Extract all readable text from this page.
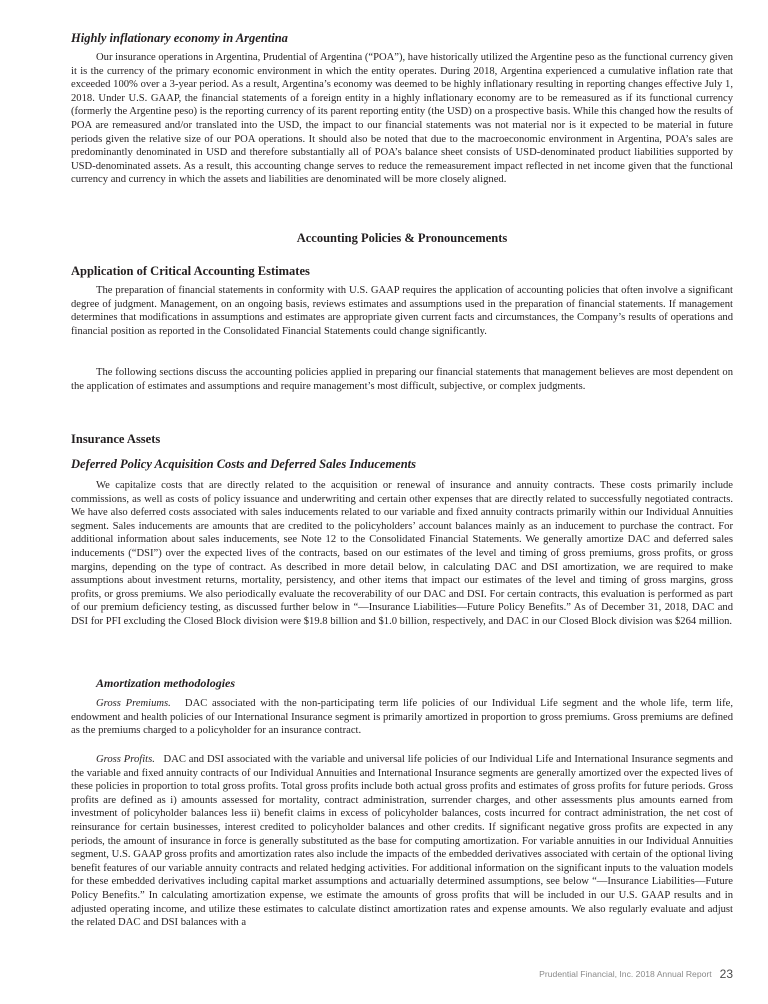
Highly inflationary economy in Argentina

Our insurance operations in Argentina, Prudential of Argentina (“POA”), have historically utilized the Argentine peso as the functional currency given it is the currency of the primary economic environment in which the entity operates. During 2018, Argentina experienced a cumulative inflation rate that exceeded 100% over a 3-year period. As a result, Argentina’s economy was deemed to be highly inflationary resulting in reporting changes effective July 1, 2018. Under U.S. GAAP, the financial statements of a foreign entity in a highly inflationary economy are to be remeasured as if its functional currency (formerly the Argentine peso) is the reporting currency of its parent reporting entity (the USD) on a prospective basis. While this changed how the results of POA are remeasured and/or translated into the USD, the impact to our financial statements was not material nor is it expected to be material in future periods given the relative size of our POA operations. It should also be noted that due to the macroeconomic environment in Argentina, POA’s sales are predominantly denominated in USD and therefore substantially all of POA’s balance sheet consists of USD-denominated product liabilities supported by USD-denominated assets. As a result, this accounting change serves to reduce the remeasurement impact reflected in net income given that the functional currency and currency in which the assets and liabilities are denominated will be more closely aligned.

Accounting Policies & Pronouncements
Application of Critical Accounting Estimates

The preparation of financial statements in conformity with U.S. GAAP requires the application of accounting policies that often involve a significant degree of judgment. Management, on an ongoing basis, reviews estimates and assumptions used in the preparation of financial statements. If management determines that modifications in assumptions and estimates are appropriate given current facts and circumstances, the Company’s results of operations and financial position as reported in the Consolidated Financial Statements could change significantly.

The following sections discuss the accounting policies applied in preparing our financial statements that management believes are most dependent on the application of estimates and assumptions and require management’s most difficult, subjective, or complex judgments.

Insurance Assets
Deferred Policy Acquisition Costs and Deferred Sales Inducements

We capitalize costs that are directly related to the acquisition or renewal of insurance and annuity contracts. These costs primarily include commissions, as well as costs of policy issuance and underwriting and certain other expenses that are directly related to successfully negotiated contracts. We have also deferred costs associated with sales inducements related to our variable and fixed annuity contracts primarily within our Individual Annuities segment. Sales inducements are amounts that are credited to the policyholders’ account balances mainly as an inducement to purchase the contract. For additional information about sales inducements, see Note 12 to the Consolidated Financial Statements. We generally amortize DAC and deferred sales inducements (“DSI”) over the expected lives of the contracts, based on our estimates of the level and timing of gross premiums, gross profits, or gross margins, depending on the type of contract. As described in more detail below, in calculating DAC and DSI amortization, we are required to make assumptions about investment returns, mortality, persistency, and other items that impact our estimates of the level and timing of gross margins, gross profits, or gross premiums. We also periodically evaluate the recoverability of our DAC and DSI. For certain contracts, this evaluation is performed as part of our premium deficiency testing, as discussed further below in “—Insurance Liabilities—Future Policy Benefits.” As of December 31, 2018, DAC and DSI for PFI excluding the Closed Block division were $19.8 billion and $1.0 billion, respectively, and DAC in our Closed Block division was $264 million.

Amortization methodologies

Gross Premiums. DAC associated with the non-participating term life policies of our Individual Life segment and the whole life, term life, endowment and health policies of our International Insurance segment is primarily amortized in proportion to gross premiums. Gross premiums are defined as the premiums charged to a policyholder for an insurance contract.

Gross Profits. DAC and DSI associated with the variable and universal life policies of our Individual Life and International Insurance segments and the variable and fixed annuity contracts of our Individual Annuities and International Insurance segments are generally amortized over the expected lives of these policies in proportion to total gross profits. Total gross profits include both actual gross profits and estimates of gross profits for future periods. Gross profits are defined as i) amounts assessed for mortality, contract administration, surrender charges, and other assessments plus amounts earned from investment of policyholder balances less ii) benefit claims in excess of policyholder balances, costs incurred for contract administration, the net cost of reinsurance for certain businesses, interest credited to policyholder balances and other credits. If significant negative gross profits are expected in any periods, the amount of insurance in force is generally substituted as the base for computing amortization. For variable annuities in our Individual Annuities segment, U.S. GAAP gross profits and amortization rates also include the impacts of the embedded derivatives associated with certain of the optional living benefit features of our variable annuity contracts and related hedging activities. For additional information on the significant inputs to the valuation models for these embedded derivatives including capital market assumptions and actuarially determined assumptions, see below “—Insurance Liabilities—Future Policy Benefits.” In calculating amortization expense, we estimate the amounts of gross profits that will be included in our U.S. GAAP results and in adjusted operating income, and utilize these estimates to calculate distinct amortization rates and expense amounts. We also regularly evaluate and adjust the related DAC and DSI balances with a

Prudential Financial, Inc. 2018 Annual Report 23
